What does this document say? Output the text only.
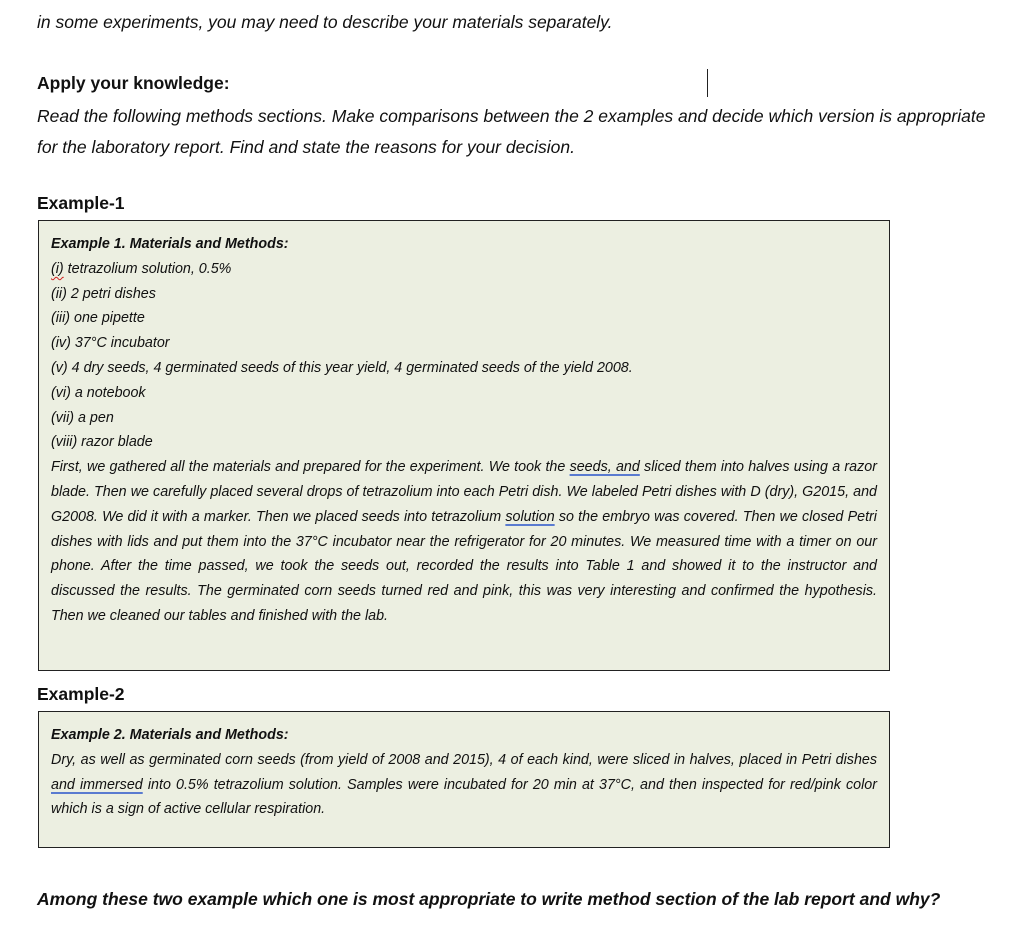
in some experiments, you may need to describe your materials separately.
Apply your knowledge:
Read the following methods sections. Make comparisons between the 2 examples and decide which version is appropriate for the laboratory report. Find and state the reasons for your decision.
Example-1
Example 1. Materials and Methods:
(i) tetrazolium solution, 0.5%
(ii) 2 petri dishes
(iii) one pipette
(iv) 37°C incubator
(v) 4 dry seeds, 4 germinated seeds of this year yield, 4 germinated seeds of the yield 2008.
(vi) a notebook
(vii) a pen
(viii) razor blade

First, we gathered all the materials and prepared for the experiment. We took the seeds, and sliced them into halves using a razor blade. Then we carefully placed several drops of tetrazolium into each Petri dish. We labeled Petri dishes with D (dry), G2015, and G2008. We did it with a marker. Then we placed seeds into tetrazolium solution so the embryo was covered. Then we closed Petri dishes with lids and put them into the 37°C incubator near the refrigerator for 20 minutes. We measured time with a timer on our phone. After the time passed, we took the seeds out, recorded the results into Table 1 and showed it to the instructor and discussed the results. The germinated corn seeds turned red and pink, this was very interesting and confirmed the hypothesis. Then we cleaned our tables and finished with the lab.

Example-2
Example 2. Materials and Methods:

Dry, as well as germinated corn seeds (from yield of 2008 and 2015), 4 of each kind, were sliced in halves, placed in Petri dishes and immersed into 0.5% tetrazolium solution. Samples were incubated for 20 min at 37°C, and then inspected for red/pink color which is a sign of active cellular respiration.

Among these two example which one is most appropriate to write method section of the lab report and why?
